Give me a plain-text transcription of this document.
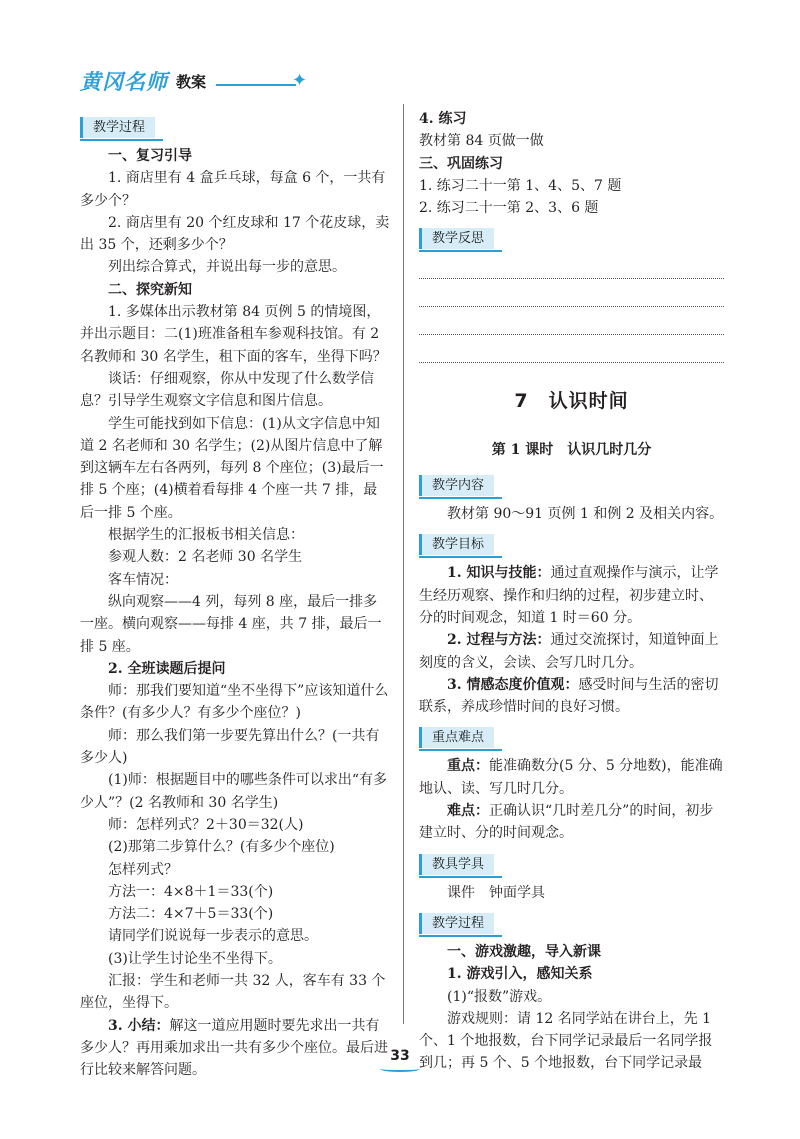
黄冈名师 教案	✦
教学过程
一、复习引导
1. 商店里有 4 盒乒乓球，每盒 6 个，一共有多少个？
2. 商店里有 20 个红皮球和 17 个花皮球，卖出 35 个，还剩多少个？
列出综合算式，并说出每一步的意思。
二、探究新知
1. 多媒体出示教材第 84 页例 5 的情境图，并出示题目：二(1)班准备租车参观科技馆。有 2 名教师和 30 名学生，租下面的客车，坐得下吗？
谈话：仔细观察，你从中发现了什么数学信息？引导学生观察文字信息和图片信息。
学生可能找到如下信息：(1)从文字信息中知道 2 名老师和 30 名学生；(2)从图片信息中了解到这辆车左右各两列，每列 8 个座位；(3)最后一排 5 个座；(4)横着看每排 4 个座一共 7 排，最后一排 5 个座。
根据学生的汇报板书相关信息：
参观人数：2 名老师 30 名学生
客车情况：
纵向观察——4 列，每列 8 座，最后一排多一座。横向观察——每排 4 座，共 7 排，最后一排 5 座。
2. 全班读题后提问
师：那我们要知道“坐不坐得下”应该知道什么条件？(有多少人？有多少个座位？)
师：那么我们第一步要先算出什么？(一共有多少人)
(1)师：根据题目中的哪些条件可以求出“有多少人”？(2 名教师和 30 名学生)
师：怎样列式？2＋30＝32(人)
(2)那第二步算什么？(有多少个座位)
怎样列式？
方法一：4×8＋1＝33(个)
方法二：4×7＋5＝33(个)
请同学们说说每一步表示的意思。
(3)让学生讨论坐不坐得下。
汇报：学生和老师一共 32 人，客车有 33 个座位，坐得下。
3. 小结：解这一道应用题时要先求出一共有多少人？再用乘加求出一共有多少个座位。最后进行比较来解答问题。
4. 练习
教材第 84 页做一做
三、巩固练习
1. 练习二十一第 1、4、5、7 题
2. 练习二十一第 2、3、6 题
教学反思
7　认识时间
第 1 课时　认识几时几分
教学内容
教材第 90～91 页例 1 和例 2 及相关内容。
教学目标
1. 知识与技能：通过直观操作与演示，让学生经历观察、操作和归纳的过程，初步建立时、分的时间观念，知道 1 时＝60 分。
2. 过程与方法：通过交流探讨，知道钟面上刻度的含义，会读、会写几时几分。
3. 情感态度价值观：感受时间与生活的密切联系，养成珍惜时间的良好习惯。
重点难点
重点：能准确数分(5 分、5 分地数)，能准确地认、读、写几时几分。
难点：正确认识“几时差几分”的时间，初步建立时、分的时间观念。
教具学具
课件　钟面学具
教学过程
一、游戏激趣，导入新课
1. 游戏引入，感知关系
(1)“报数”游戏。
游戏规则：请 12 名同学站在讲台上，先 1 个、1 个地报数，台下同学记录最后一名同学报到几；再 5 个、5 个地报数，台下同学记录最
33
